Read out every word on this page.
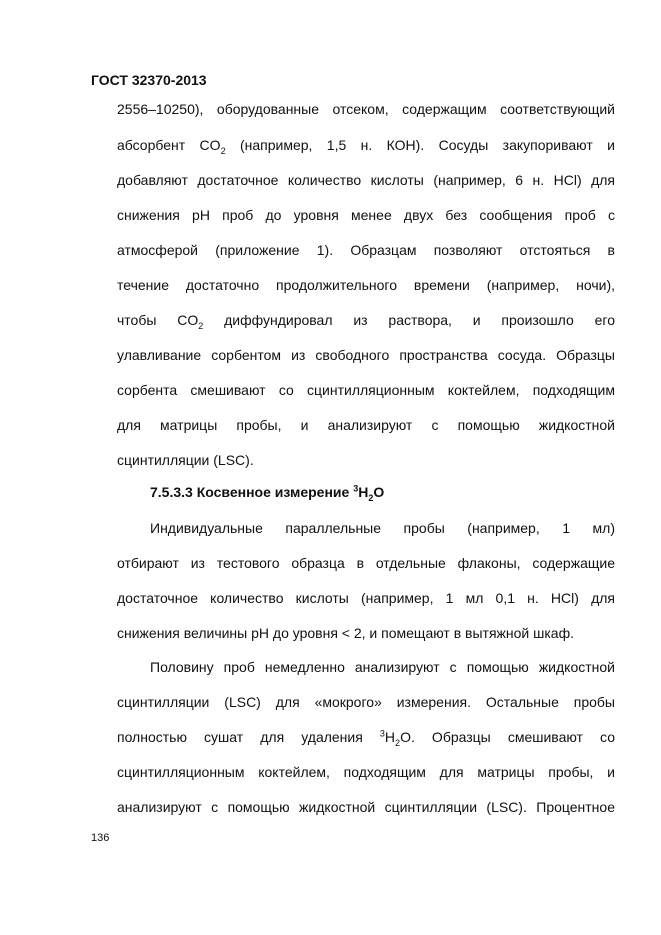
ГОСТ 32370-2013
2556–10250), оборудованные отсеком, содержащим соответствующий
абсорбент $CO_2$ (например, 1,5 н. КОН). Сосуды закупоривают и
добавляют достаточное количество кислоты (например, 6 н. HCl) для
снижения pH проб до уровня менее двух без сообщения проб с
атмосферой (приложение 1). Образцам позволяют отстояться в
течение достаточно продолжительного времени (например, ночи),
чтобы $CO_2$ диффундировал из раствора, и произошло его
улавливание сорбентом из свободного пространства сосуда. Образцы
сорбента смешивают со сцинтилляционным коктейлем, подходящим
для матрицы пробы, и анализируют с помощью жидкостной
сцинтилляции (LSC).
7.5.3.3 Косвенное измерение $^3H_2O$
Индивидуальные параллельные пробы (например, 1 мл)
отбирают из тестового образца в отдельные флаконы, содержащие
достаточное количество кислоты (например, 1 мл 0,1 н. HCl) для
снижения величины pH до уровня < 2, и помещают в вытяжной шкаф.
Половину проб немедленно анализируют с помощью жидкостной
сцинтилляции (LSC) для «мокрого» измерения. Остальные пробы
полностью сушат для удаления $^3H_2O$. Образцы смешивают со
сцинтилляционным коктейлем, подходящим для матрицы пробы, и
анализируют с помощью жидкостной сцинтилляции (LSC). Процентное
136
